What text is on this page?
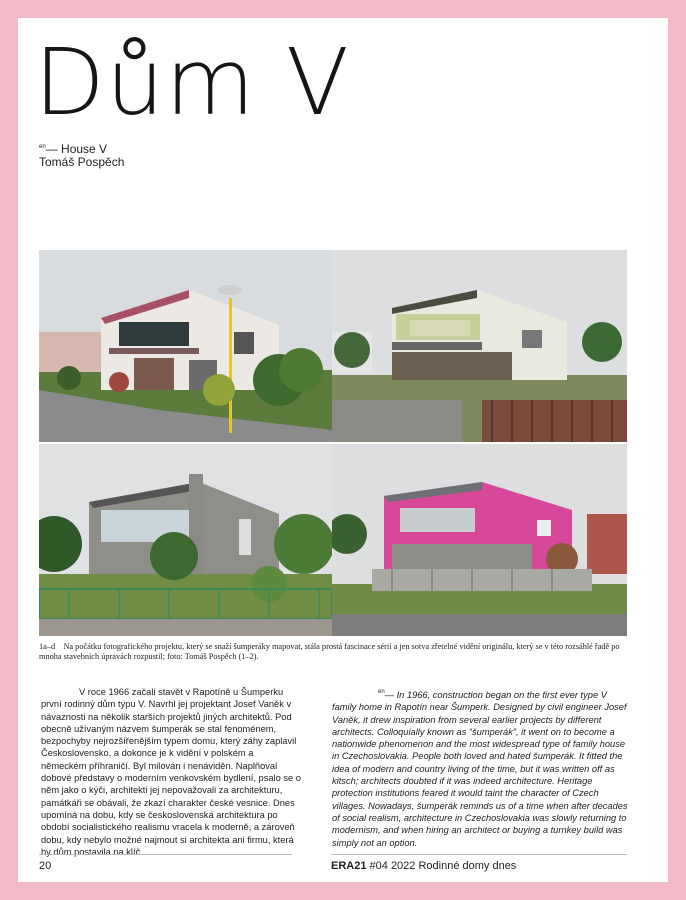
Dům V
$^{en}$— House V
Tomáš Pospěch
1a–d Na počátku fotografického projektu, který se snaží šumperáky mapovat, stála prostá fascinace sérií a jen sotva zřetelné vidění originálu, který se v této rozsáhlé řadě po mnoha stavebních úpravách rozpustil; foto: Tomáš Pospěch (1–2).

V roce 1966 začali stavět v Rapotíně u Šumperku první rodinný dům typu V. Navrhl jej projektant Josef Vaněk v návaznosti na několik starších projektů jiných architektů. Pod obecně užívaným názvem šumperák se stal fenoménem, bezpochyby nejrozšířenějším typem domu, který záhy zaplavil Československo, a dokonce je k vidění v polském a německém příhraničí. Byl milován i nenáviděn. Naplňoval dobové představy o moderním venkovském bydlení, psalo se o něm jako o kýči, architekti jej nepovažovali za architekturu, památkáři se obávali, že zkazí charakter české vesnice. Dnes upomíná na dobu, kdy se československá architektura po období socialistického realismu vracela k moderně, a zároveň dobu, kdy nebylo možné najmout si architekta ani firmu, která by dům postavila na klíč.

$^{en}$— In 1966, construction began on the first ever type V family home in Rapotín near Šumperk. Designed by civil engineer Josef Vaněk, it drew inspiration from several earlier projects by different architects. Colloquially known as “šumperák”, it went on to become a nationwide phenomenon and the most widespread type of family house in Czechoslovakia. People both loved and hated šumperák. It fitted the idea of modern and country living of the time, but it was written off as kitsch; architects doubted if it was indeed architecture. Heritage protection institutions feared it would taint the character of Czech villages. Nowadays, šumperák reminds us of a time when after decades of social realism, architecture in Czechoslovakia was slowly returning to modernism, and when hiring an architect or buying a turnkey build was simply not an option.

20	ERA21 #04 2022 Rodinné domy dnes
